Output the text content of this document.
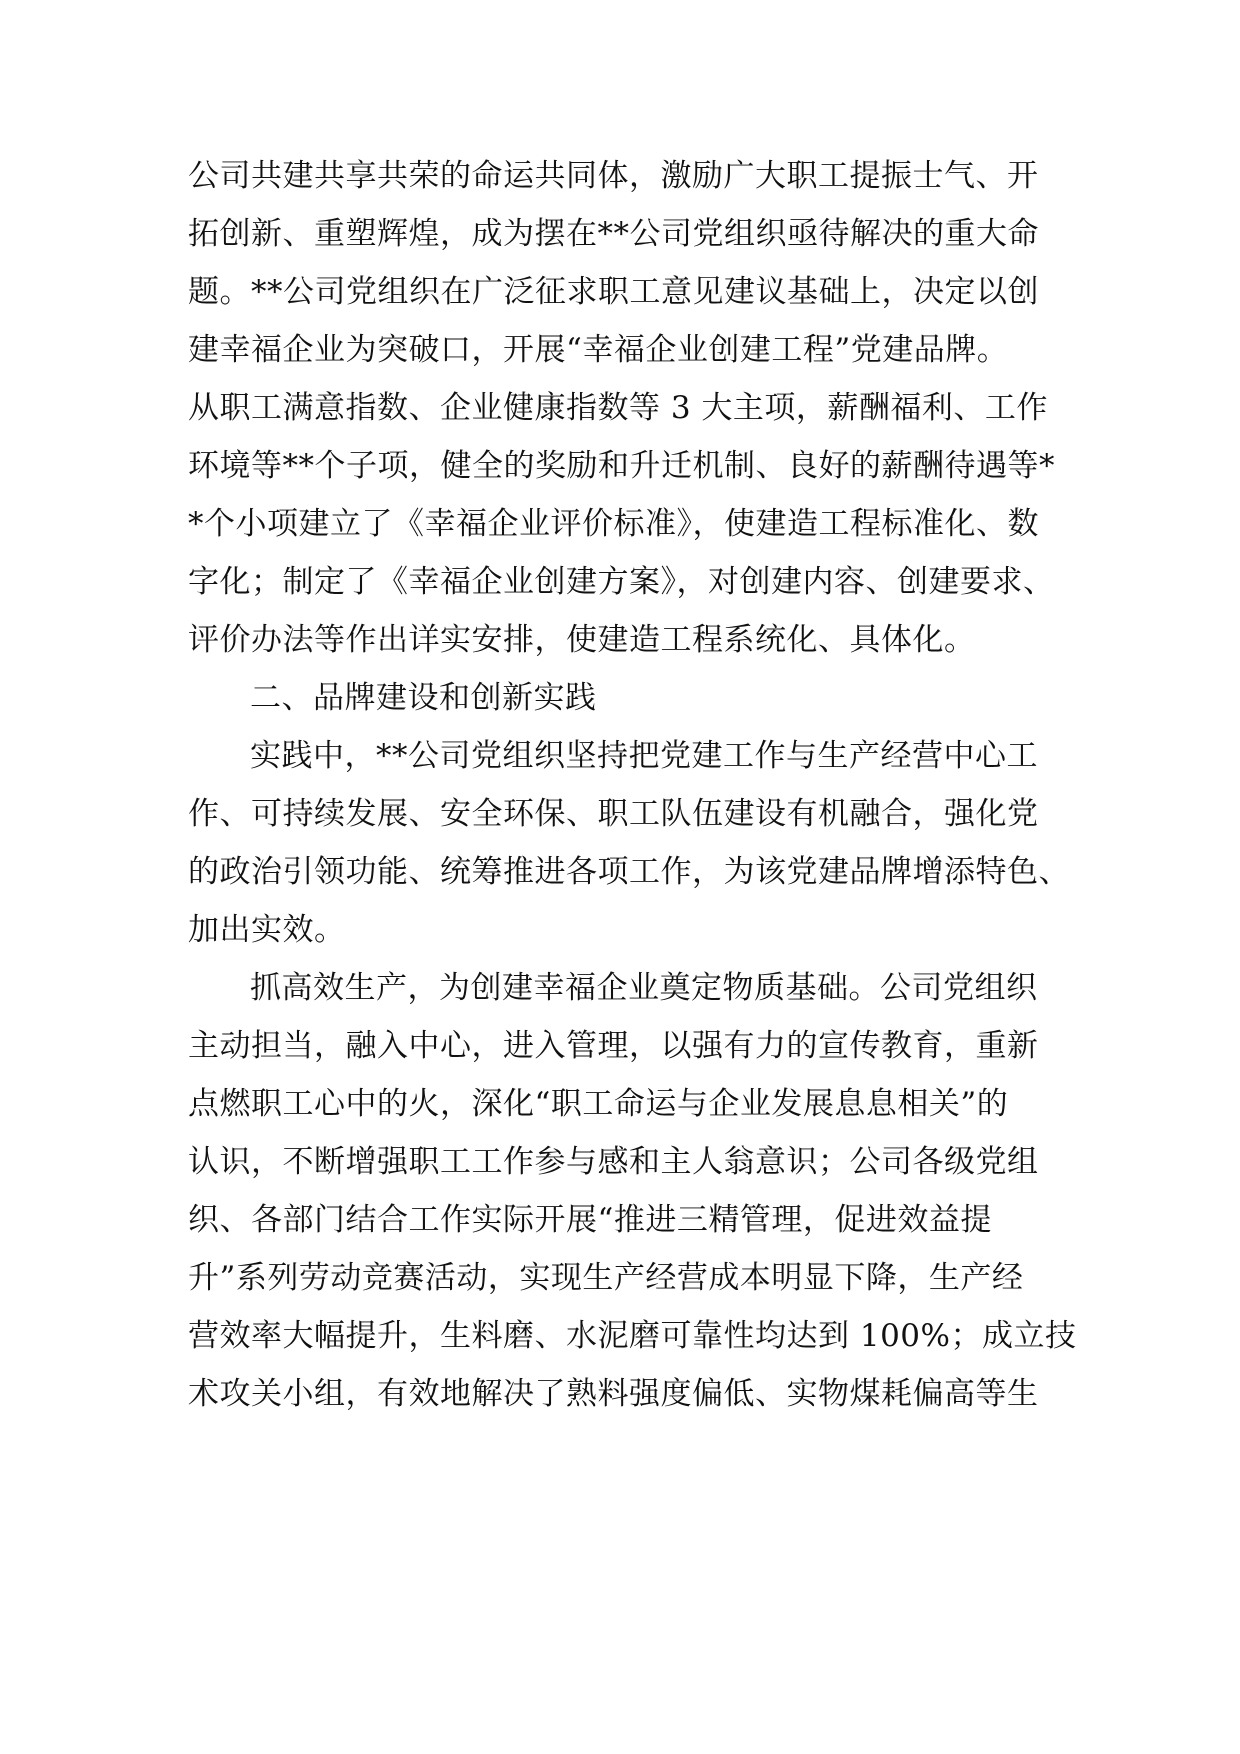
公司共建共享共荣的命运共同体，激励广大职工提振士气、开
拓创新、重塑辉煌，成为摆在**公司党组织亟待解决的重大命
题。**公司党组织在广泛征求职工意见建议基础上，决定以创
建幸福企业为突破口，开展“幸福企业创建工程”党建品牌。
从职工满意指数、企业健康指数等 3 大主项，薪酬福利、工作
环境等**个子项，健全的奖励和升迁机制、良好的薪酬待遇等*
*个小项建立了《幸福企业评价标准》，使建造工程标准化、数
字化；制定了《幸福企业创建方案》，对创建内容、创建要求、
评价办法等作出详实安排，使建造工程系统化、具体化。
二、品牌建设和创新实践
实践中，**公司党组织坚持把党建工作与生产经营中心工
作、可持续发展、安全环保、职工队伍建设有机融合，强化党
的政治引领功能、统筹推进各项工作，为该党建品牌增添特色、
加出实效。
抓高效生产，为创建幸福企业奠定物质基础。公司党组织
主动担当，融入中心，进入管理，以强有力的宣传教育，重新
点燃职工心中的火，深化“职工命运与企业发展息息相关”的
认识，不断增强职工工作参与感和主人翁意识；公司各级党组
织、各部门结合工作实际开展“推进三精管理，促进效益提
升”系列劳动竞赛活动，实现生产经营成本明显下降，生产经
营效率大幅提升，生料磨、水泥磨可靠性均达到 100%；成立技
术攻关小组，有效地解决了熟料强度偏低、实物煤耗偏高等生
